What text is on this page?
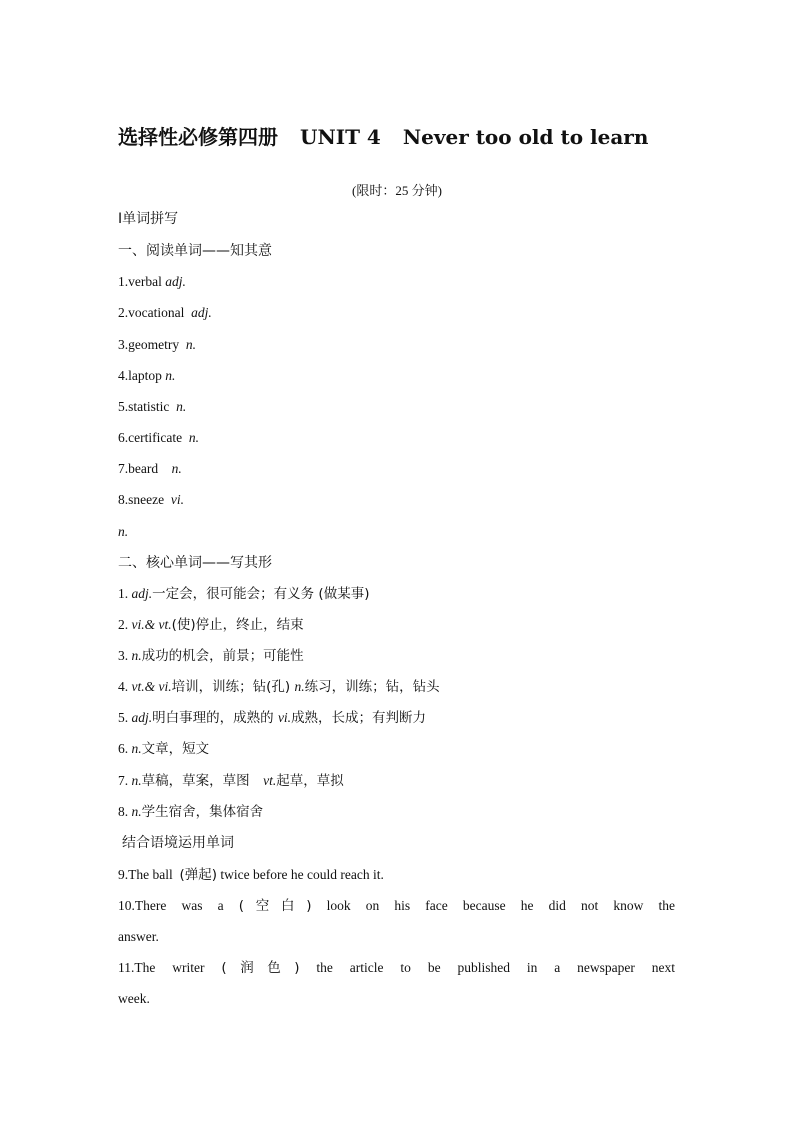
选择性必修第四册 UNIT 4 Never too old to learn
(限时：25 分钟)
Ⅰ单词拼写
一、阅读单词——知其意
1.verbal adj.
2.vocational adj.
3.geometry n.
4.laptop n.
5.statistic n.
6.certificate n.
7.beard n.
8.sneeze vi.
n.
二、核心单词——写其形
1. adj.一定会，很可能会；有义务 (做某事)
2. vi.& vt.(使)停止，终止，结束
3. n.成功的机会，前景；可能性
4. vt.& vi.培训，训练；钻(孔) n.练习，训练；钻，钻头
5. adj.明白事理的，成熟的 vi.成熟，长成；有判断力
6. n.文章，短文
7. n.草稿，草案，草图　vt.起草，草拟
8. n.学生宿舍，集体宿舍
结合语境运用单词
9.The ball (弹起) twice before he could reach it.
10.There was a (空白) look on his face because he did not know the
answer.
11.The writer (润色) the article to be published in a newspaper next
week.
